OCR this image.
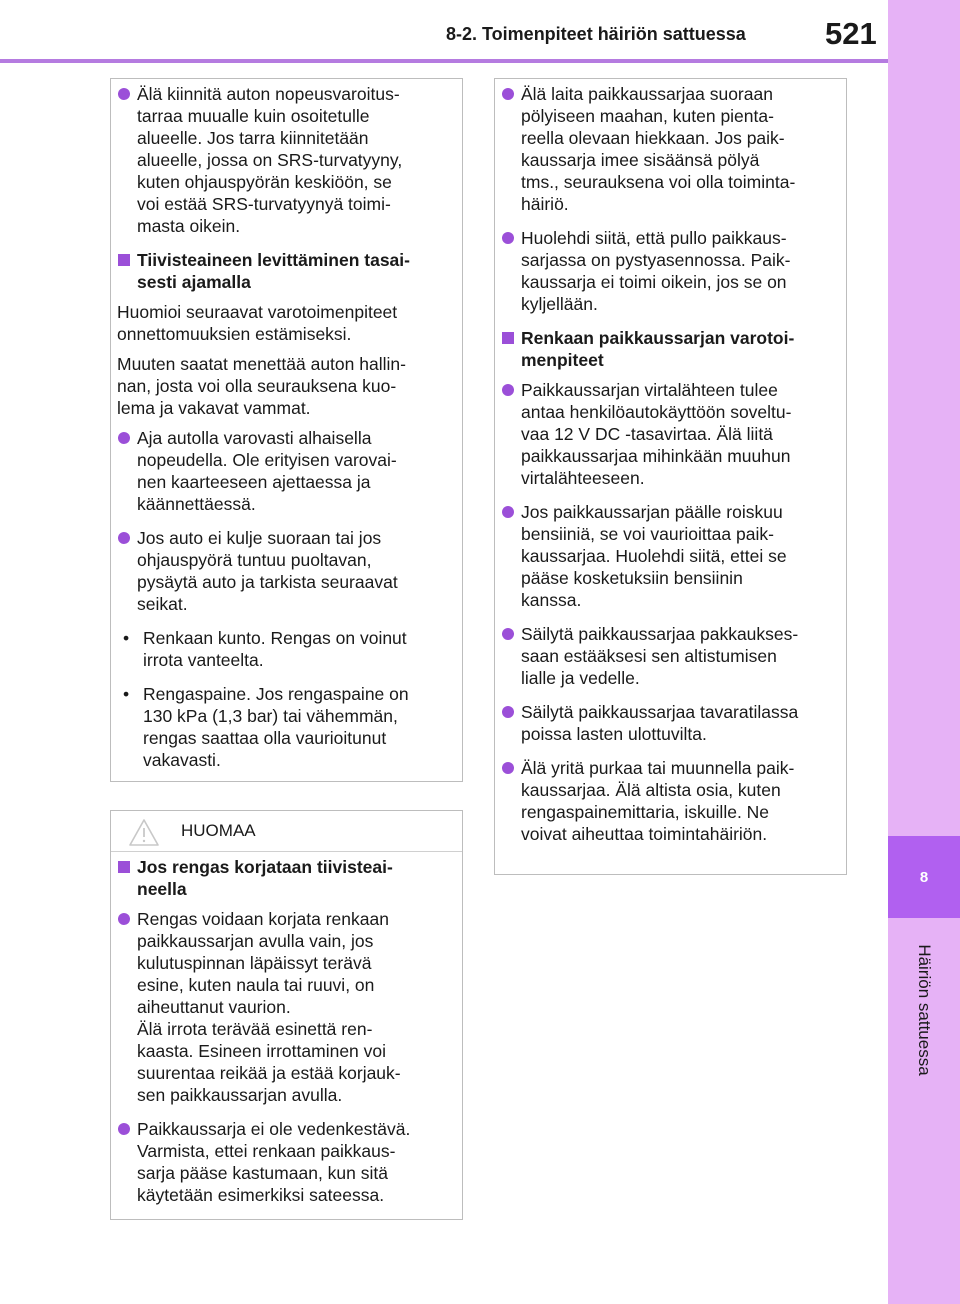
8-2. Toimenpiteet häiriön sattuessa	521
8
Häiriön sattuessa
Älä kiinnitä auton nopeusvaroitus-
tarraa muualle kuin osoitetulle
alueelle. Jos tarra kiinnitetään
alueelle, jossa on SRS-turvatyyny,
kuten ohjauspyörän keskiöön, se
voi estää SRS-turvatyynyä toimi-
masta oikein.
Tiivisteaineen levittäminen tasai-
sesti ajamalla
Huomioi seuraavat varotoimenpiteet
onnettomuuksien estämiseksi.
Muuten saatat menettää auton hallin-
nan, josta voi olla seurauksena kuo-
lema ja vakavat vammat.
Aja autolla varovasti alhaisella
nopeudella. Ole erityisen varovai-
nen kaarteeseen ajettaessa ja
käännettäessä.
Jos auto ei kulje suoraan tai jos
ohjauspyörä tuntuu puoltavan,
pysäytä auto ja tarkista seuraavat
seikat.
• Renkaan kunto. Rengas on voinut
irrota vanteelta.
• Rengaspaine. Jos rengaspaine on
130 kPa (1,3 bar) tai vähemmän,
rengas saattaa olla vaurioitunut
vakavasti.
HUOMAA
Jos rengas korjataan tiivisteai-
neella
Rengas voidaan korjata renkaan
paikkaussarjan avulla vain, jos
kulutuspinnan läpäissyt terävä
esine, kuten naula tai ruuvi, on
aiheuttanut vaurion.
Älä irrota terävää esinettä ren-
kaasta. Esineen irrottaminen voi
suurentaa reikää ja estää korjauk-
sen paikkaussarjan avulla.
Paikkaussarja ei ole vedenkestävä.
Varmista, ettei renkaan paikkaus-
sarja pääse kastumaan, kun sitä
käytetään esimerkiksi sateessa.
Älä laita paikkaussarjaa suoraan
pölyiseen maahan, kuten pienta-
reella olevaan hiekkaan. Jos paik-
kaussarja imee sisäänsä pölyä
tms., seurauksena voi olla toiminta-
häiriö.
Huolehdi siitä, että pullo paikkaus-
sarjassa on pystyasennossa. Paik-
kaussarja ei toimi oikein, jos se on
kyljellään.
Renkaan paikkaussarjan varotoi-
menpiteet
Paikkaussarjan virtalähteen tulee
antaa henkilöautokäyttöön soveltu-
vaa 12 V DC -tasavirtaa. Älä liitä
paikkaussarjaa mihinkään muuhun
virtalähteeseen.
Jos paikkaussarjan päälle roiskuu
bensiiniä, se voi vaurioittaa paik-
kaussarjaa. Huolehdi siitä, ettei se
pääse kosketuksiin bensiinin
kanssa.
Säilytä paikkaussarjaa pakkaukses-
saan estääksesi sen altistumisen
lialle ja vedelle.
Säilytä paikkaussarjaa tavaratilassa
poissa lasten ulottuvilta.
Älä yritä purkaa tai muunnella paik-
kaussarjaa. Älä altista osia, kuten
rengaspainemittaria, iskuille. Ne
voivat aiheuttaa toimintahäiriön.
